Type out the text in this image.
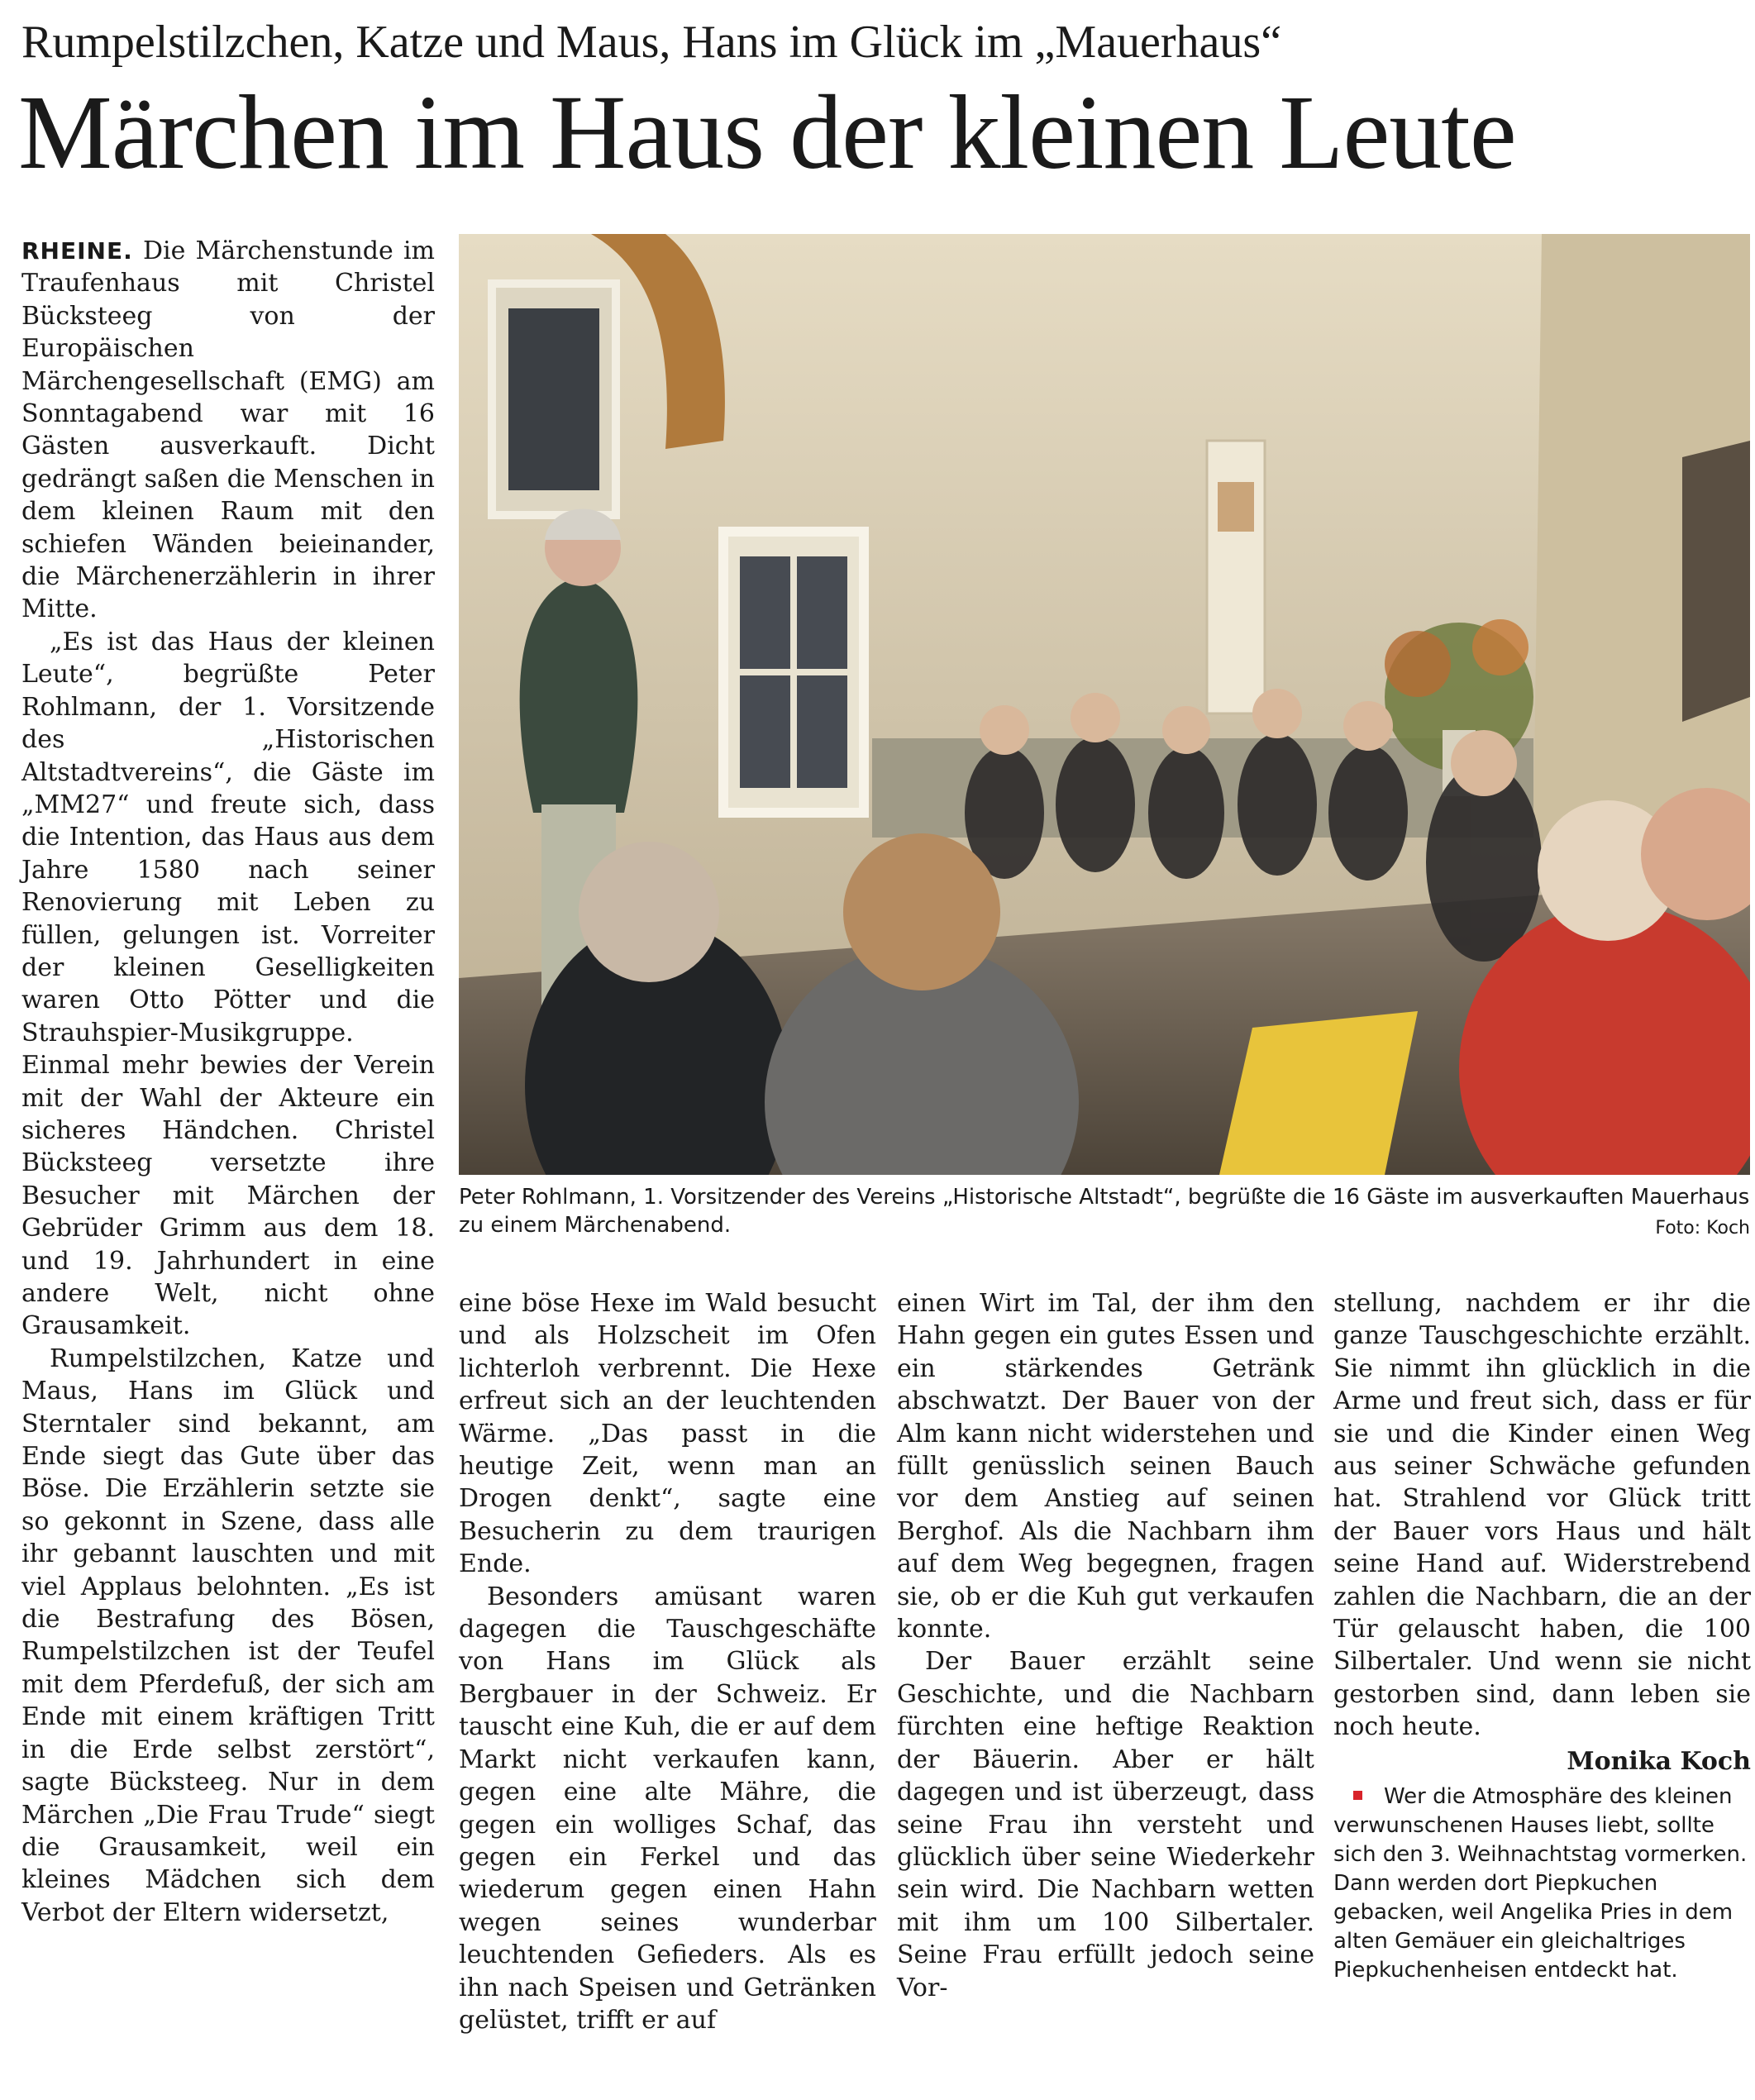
Rumpelstilzchen, Katze und Maus, Hans im Glück im „Mauerhaus“
Märchen im Haus der kleinen Leute

RHEINE. Die Märchenstunde im Traufenhaus mit Christel Bücksteeg von der Europäischen Märchengesellschaft (EMG) am Sonntagabend war mit 16 Gästen ausverkauft. Dicht gedrängt saßen die Menschen in dem kleinen Raum mit den schiefen Wänden beieinander, die Märchenerzählerin in ihrer Mitte.

„Es ist das Haus der kleinen Leute“, begrüßte Peter Rohlmann, der 1. Vorsitzende des „Historischen Altstadtvereins“, die Gäste im „MM27“ und freute sich, dass die Intention, das Haus aus dem Jahre 1580 nach seiner Renovierung mit Leben zu füllen, gelungen ist. Vorreiter der kleinen Geselligkeiten waren Otto Pötter und die Strauhspier-Musikgruppe. Einmal mehr bewies der Verein mit der Wahl der Akteure ein sicheres Händchen. Christel Bücksteeg versetzte ihre Besucher mit Märchen der Gebrüder Grimm aus dem 18. und 19. Jahrhundert in eine andere Welt, nicht ohne Grausamkeit.

Rumpelstilzchen, Katze und Maus, Hans im Glück und Sterntaler sind bekannt, am Ende siegt das Gute über das Böse. Die Erzählerin setzte sie so gekonnt in Szene, dass alle ihr gebannt lauschten und mit viel Applaus belohnten. „Es ist die Bestrafung des Bösen, Rumpelstilzchen ist der Teufel mit dem Pferdefuß, der sich am Ende mit einem kräftigen Tritt in die Erde selbst zerstört“, sagte Bücksteeg. Nur in dem Märchen „Die Frau Trude“ siegt die Grausamkeit, weil ein kleines Mädchen sich dem Verbot der Eltern widersetzt,

Peter Rohlmann, 1. Vorsitzender des Vereins „Historische Altstadt“, begrüßte die 16 Gäste im ausverkauften Mauerhaus zu einem Märchenabend.	Foto: Koch

eine böse Hexe im Wald besucht und als Holzscheit im Ofen lichterloh verbrennt. Die Hexe erfreut sich an der leuchtenden Wärme. „Das passt in die heutige Zeit, wenn man an Drogen denkt“, sagte eine Besucherin zu dem traurigen Ende.

Besonders amüsant waren dagegen die Tauschgeschäfte von Hans im Glück als Bergbauer in der Schweiz. Er tauscht eine Kuh, die er auf dem Markt nicht verkaufen kann, gegen eine alte Mähre, die gegen ein wolliges Schaf, das gegen ein Ferkel und das wiederum gegen einen Hahn wegen seines wunderbar leuchtenden Gefieders. Als es ihn nach Speisen und Getränken gelüstet, trifft er auf

einen Wirt im Tal, der ihm den Hahn gegen ein gutes Essen und ein stärkendes Getränk abschwatzt. Der Bauer von der Alm kann nicht widerstehen und füllt genüsslich seinen Bauch vor dem Anstieg auf seinen Berghof. Als die Nachbarn ihm auf dem Weg begegnen, fragen sie, ob er die Kuh gut verkaufen konnte.

Der Bauer erzählt seine Geschichte, und die Nachbarn fürchten eine heftige Reaktion der Bäuerin. Aber er hält dagegen und ist überzeugt, dass seine Frau ihn versteht und glücklich über seine Wiederkehr sein wird. Die Nachbarn wetten mit ihm um 100 Silbertaler. Seine Frau erfüllt jedoch seine Vor-

stellung, nachdem er ihr die ganze Tauschgeschichte erzählt. Sie nimmt ihn glücklich in die Arme und freut sich, dass er für sie und die Kinder einen Weg aus seiner Schwäche gefunden hat. Strahlend vor Glück tritt der Bauer vors Haus und hält seine Hand auf. Widerstrebend zahlen die Nachbarn, die an der Tür gelauscht haben, die 100 Silbertaler. Und wenn sie nicht gestorben sind, dann leben sie noch heute.

Monika Koch
Wer die Atmosphäre des kleinen verwunschenen Hauses liebt, sollte sich den 3. Weihnachtstag vormerken. Dann werden dort Piepkuchen gebacken, weil Angelika Pries in dem alten Gemäuer ein gleichaltriges Piepkuchenheisen entdeckt hat.
